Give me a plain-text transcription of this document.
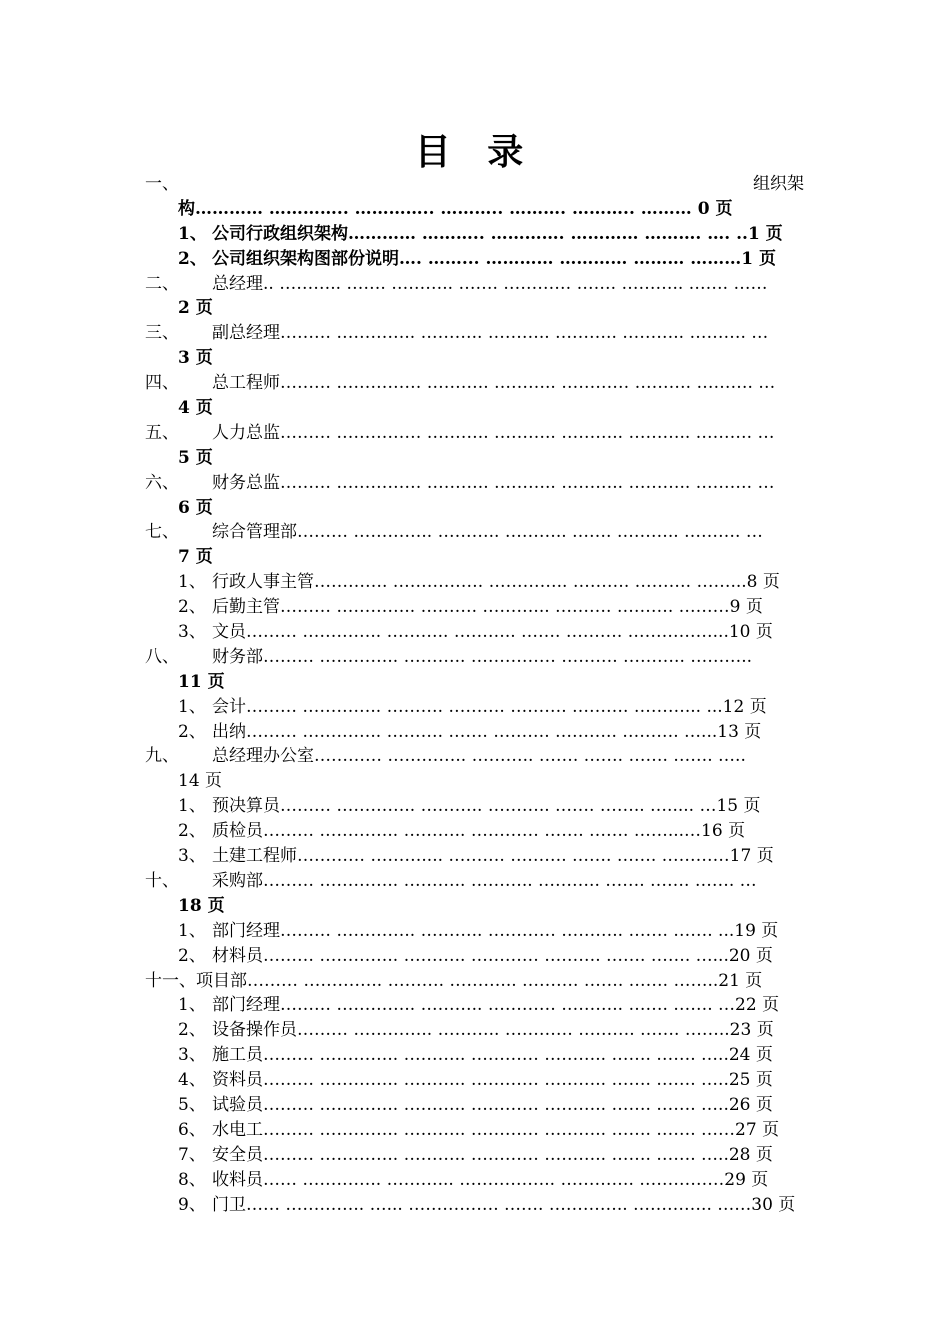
目 录
一、	组织架
构………… ………….. ………….. ……….. ………. ……….. ……… 0 页
1、 公司行政组织架构………… ……….. …………. ………… ………. …. ..1 页
2、 公司组织架构图部份说明…. ……... ………… ………… ……… ………1 页
二、 总经理.. ……….. ……. ……….. ……. ………… ……. ……….. ……. ……
2 页
三、 副总经理……… ………….. ……….. ……….. ……….. ……….. ………. …
3 页
四、 总工程师……… …………… ……….. ……….. ………… ………. ………. …
4 页
五、 人力总监……… …………… ……….. ……….. ……….. ……….. ………. …
5 页
六、 财务总监……… …………… ……….. ……….. ……….. ……….. ………. …
6 页
七、 综合管理部……… ………….. ……….. ……….. ……. ……….. ………. …
7 页
1、 行政人事主管…………. ……………. ………….. ………. ………. ……...8 页
2、 后勤主管……… ………….. ………. ………... ………. ………. ………9 页
3、 文员……… ………….. ……….. ……….. ……. ………. ……………...10 页
八、 财务部……… ………….. ……….. …………… ………. ……….. ………..
11 页
1、 会计……… ………….. ………. ………. ………. ………. ………... ...12 页
2、 出纳……… ………….. ………. ……. ………. ……….. ………. …...13 页
九、 总经理办公室………… ………….. ……….. ……. ……. ……. ……. …..
14 页
1、 预决算员……… ………….. ……….. ……….. ……. …….. …..... …15 页
2、 质检员……… ………….. ……….. ………… ……. ……. ……...…16 页
3、 土建工程师………… ……….... ………. ………. ……. ……. …………17 页
十、 采购部……… ………….. ……….. ……….. ……….. ……. ……. ……. …
18 页
1、 部门经理……… ………….. ……….. ………… ……….. ……. ……. ...19 页
2、 材料员……… ………….. ……….. ………… ………. ……. ……. …...20 页
十一、项目部……… ………….. ………. ………... ………. ……. ……. ……..21 页
1、 部门经理……… ………….. ……….. ………… ……….. ……. ……. …22 页
2、 设备操作员……… ………….. ……….. ………… ………. ……. ……..23 页
3、 施工员……… ………….. ……….. ………… ……….. ……. ……. …..24 页
4、 资料员……… ………….. ……….. ………… ……….. ……. ……. …..25 页
5、 试验员……… ………….. ……….. ………… ……….. ……. ……. …..26 页
6、 水电工……… ………….. ……….. ………… ……….. ……. ……. ……27 页
7、 安全员……… ………….. ……….. ………… ……….. ……. ……. …..28 页
8、 收料员…… ………….. ………... …………….. …………. ……………29 页
9、 门卫…… ………….. …... ……………. ……. ………….. ………….. ……30 页
